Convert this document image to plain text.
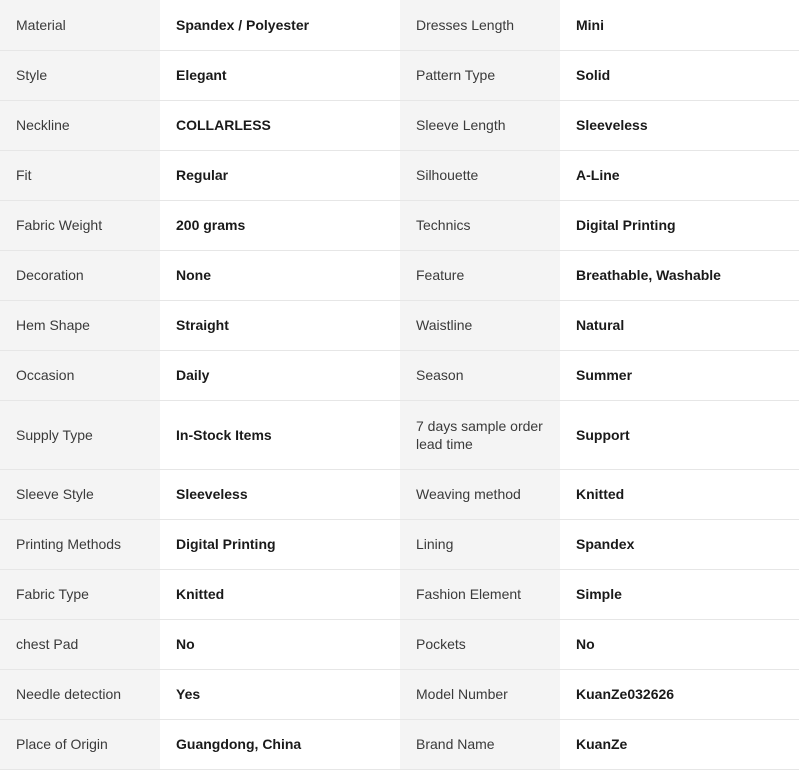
Material	Spandex / Polyester	Dresses Length	Mini
Style	Elegant	Pattern Type	Solid
Neckline	COLLARLESS	Sleeve Length	Sleeveless
Fit	Regular	Silhouette	A-Line
Fabric Weight	200 grams	Technics	Digital Printing
Decoration	None	Feature	Breathable, Washable
Hem Shape	Straight	Waistline	Natural
Occasion	Daily	Season	Summer
Supply Type	In-Stock Items	7 days sample order lead time	Support
Sleeve Style	Sleeveless	Weaving method	Knitted
Printing Methods	Digital Printing	Lining	Spandex
Fabric Type	Knitted	Fashion Element	Simple
chest Pad	No	Pockets	No
Needle detection	Yes	Model Number	KuanZe032626
Place of Origin	Guangdong, China	Brand Name	KuanZe
